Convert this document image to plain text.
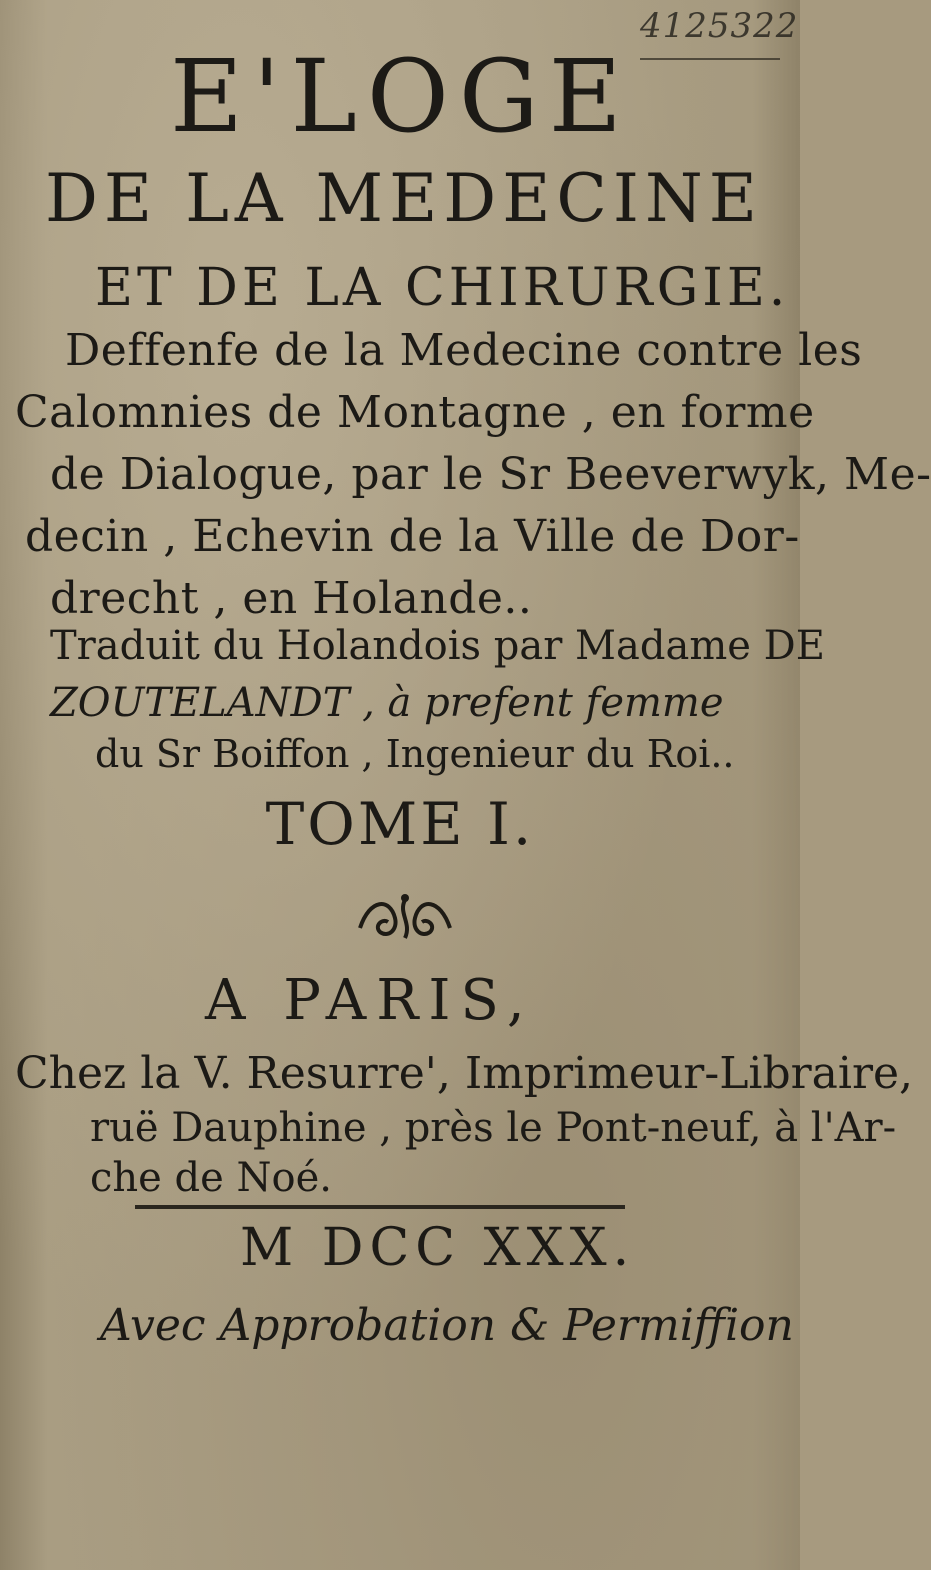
4125322
E'LOGE
DE LA MEDECINE
ET DE LA CHIRURGIE.
Deffenfe de la Medecine contre les
Calomnies de Montagne , en forme
de Dialogue, par le Sr Beeverwyk, Me-
decin , Echevin de la Ville de Dor-
drecht , en Holande..
Traduit du Holandois par Madame DE
ZOUTELANDT , à prefent femme
du Sr Boiffon , Ingenieur du Roi..
TOME I.
A PARIS,
Chez la V. Resurre', Imprimeur-Libraire,
ruë Dauphine , près le Pont-neuf, à l'Ar-
che de Noé.
M DCC XXX.
Avec Approbation & Permiffion
